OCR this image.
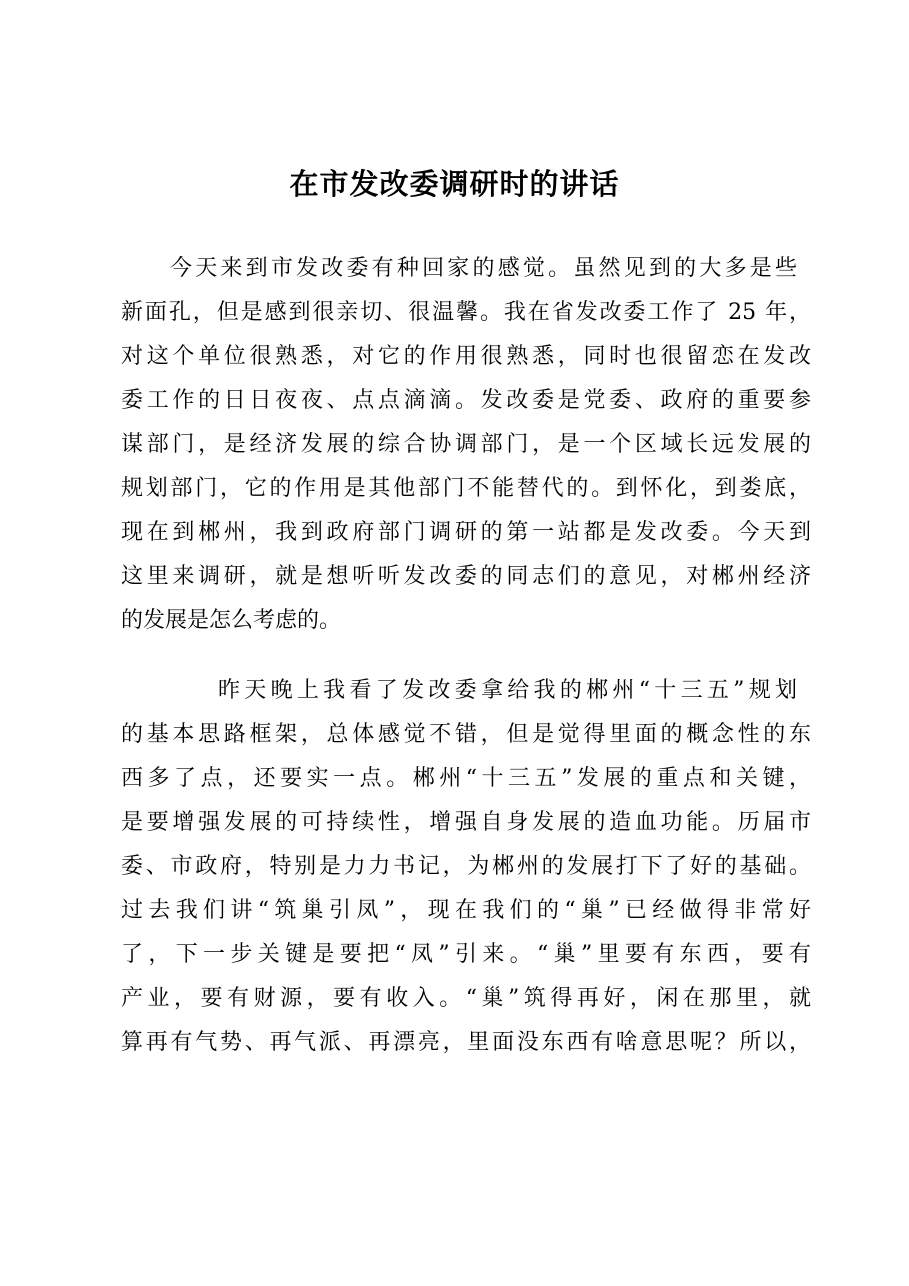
在市发改委调研时的讲话
今天来到市发改委有种回家的感觉。虽然见到的大多是些
新面孔，但是感到很亲切、很温馨。我在省发改委工作了 25 年，
对这个单位很熟悉，对它的作用很熟悉，同时也很留恋在发改
委工作的日日夜夜、点点滴滴。发改委是党委、政府的重要参
谋部门，是经济发展的综合协调部门，是一个区域长远发展的
规划部门，它的作用是其他部门不能替代的。到怀化，到娄底，
现在到郴州，我到政府部门调研的第一站都是发改委。今天到
这里来调研，就是想听听发改委的同志们的意见，对郴州经济
的发展是怎么考虑的。
昨天晚上我看了发改委拿给我的郴州“十三五”规划
的基本思路框架，总体感觉不错，但是觉得里面的概念性的东
西多了点，还要实一点。郴州“十三五”发展的重点和关键，
是要增强发展的可持续性，增强自身发展的造血功能。历届市
委、市政府，特别是力力书记，为郴州的发展打下了好的基础。
过去我们讲“筑巢引凤”，现在我们的“巢”已经做得非常好
了，下一步关键是要把“凤”引来。“巢”里要有东西，要有
产业，要有财源，要有收入。“巢”筑得再好，闲在那里，就
算再有气势、再气派、再漂亮，里面没东西有啥意思呢？所以，
